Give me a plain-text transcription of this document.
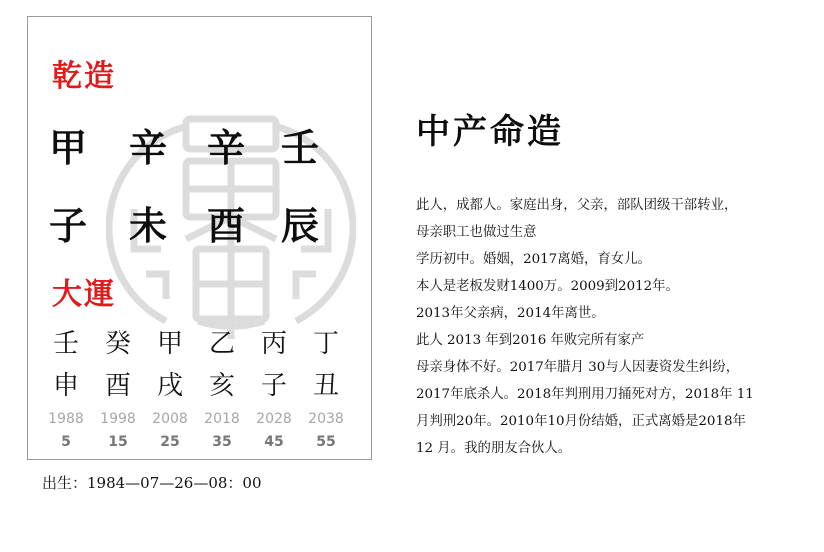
乾造
甲 辛 辛 壬
子 未 酉 辰
大運
壬 癸 甲 乙 丙 丁
申 酉 戌 亥 子 丑
1988	1998	2008	2018	2028	2038
5	15	25	35	45	55
出生：1984—07—26—08：00
中产命造
此人，成都人。家庭出身，父亲，部队团级干部转业，
母亲职工也做过生意
学历初中。婚姻，2017离婚，育女儿。
本人是老板发财1400万。2009到2012年。
2013年父亲病，2014年离世。
此人 2013 年到2016 年败完所有家产
母亲身体不好。2017年腊月 30与人因妻资发生纠纷，
2017年底杀人。2018年判刑用刀捅死对方，2018年 11
月判刑20年。2010年10月份结婚，正式离婚是2018年
12 月。我的朋友合伙人。
